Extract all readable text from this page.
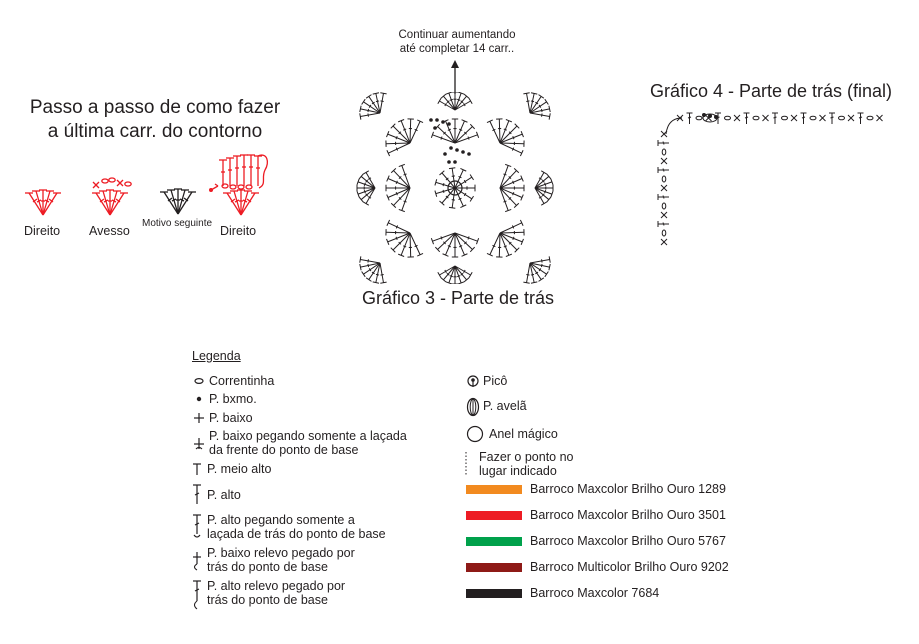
Passo a passo de como fazer
a última carr. do contorno
Direito Avesso
Motivo seguinte
Direito
Continuar aumentando
até completar 14 carr..
Gráfico 3 - Parte de trás
Gráfico 4 - Parte de trás (final)
Legenda
Correntinha
P. bxmo.
P. baixo
P. baixo pegando somente a laçada
da frente do ponto de base
P. meio alto
P. alto
P. alto pegando somente a
laçada de trás do ponto de base
P. baixo relevo pegado por
trás do ponto de base
P. alto relevo pegado por
trás do ponto de base
Picô
P. avelã
Anel mágico
Fazer o ponto no
lugar indicado
Barroco Maxcolor Brilho Ouro 1289
Barroco Maxcolor Brilho Ouro 3501
Barroco Maxcolor Brilho Ouro 5767
Barroco Multicolor Brilho Ouro 9202
Barroco Maxcolor 7684
